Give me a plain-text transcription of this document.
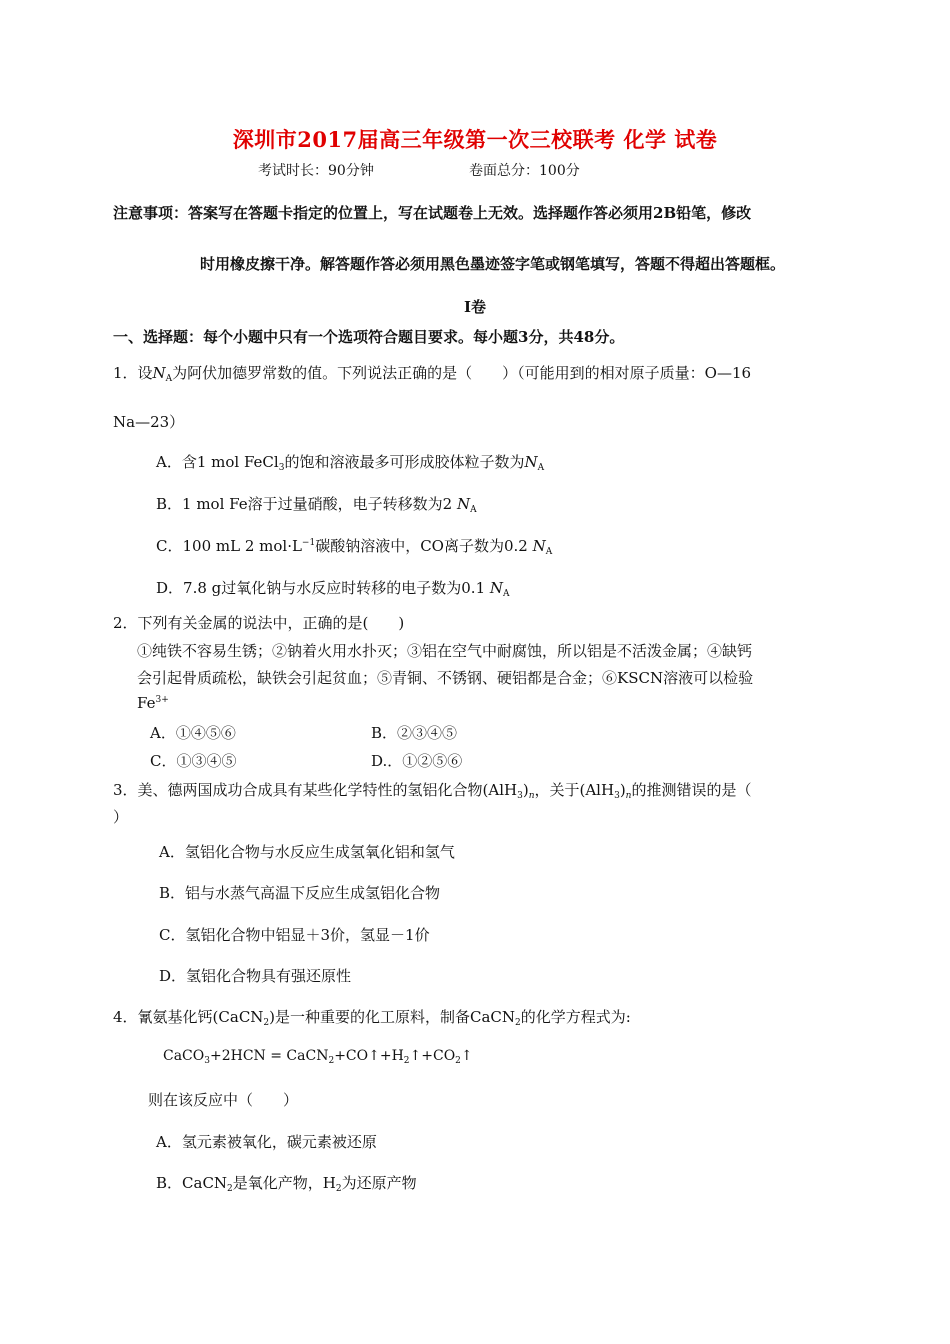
深圳市2017届高三年级第一次三校联考 化学 试卷
考试时长：90分钟	卷面总分：100分
注意事项：答案写在答题卡指定的位置上，写在试题卷上无效。选择题作答必须用2B铅笔，修改
时用橡皮擦干净。解答题作答必须用黑色墨迹签字笔或钢笔填写，答题不得超出答题框。
I卷
一、选择题：每个小题中只有一个选项符合题目要求。每小题3分，共48分。
1．设$N_A$为阿伏加德罗常数的值。下列说法正确的是（　　）（可能用到的相对原子质量：O—16
Na—23）
A．含1 mol FeCl$_3$的饱和溶液最多可形成胶体粒子数为$N_A$
B．1 mol Fe溶于过量硝酸，电子转移数为2 $N_A$
C．100 mL 2 $mol\cdot L^{-1}$碳酸钠溶液中，CO离子数为0.2 $N_A$
D．7.8 g过氧化钠与水反应时转移的电子数为0.1 $N_A$
2．下列有关金属的说法中，正确的是(　　)
①纯铁不容易生锈；②钠着火用水扑灭；③铝在空气中耐腐蚀，所以铝是不活泼金属；④缺钙
会引起骨质疏松，缺铁会引起贫血；⑤青铜、不锈钢、硬铝都是合金；⑥KSCN溶液可以检验
$Fe^{3+}$
A．①④⑤⑥	B．②③④⑤
C．①③④⑤	D.．①②⑤⑥
3．美、德两国成功合成具有某些化学特性的氢铝化合物$(AlH_3)_n$，关于$(AlH_3)_n$的推测错误的是（
）
A．氢铝化合物与水反应生成氢氧化铝和氢气
B．铝与水蒸气高温下反应生成氢铝化合物
C．氢铝化合物中铝显＋3价，氢显－1价
D．氢铝化合物具有强还原性
4．氰氨基化钙(CaCN$_2$)是一种重要的化工原料，制备CaCN$_2$的化学方程式为:
CaCO$_3$+2HCN = $CaCN_2+CO↑+H_2↑+CO_2↑$
则在该反应中（　　）
A．氢元素被氧化，碳元素被还原
B．CaCN$_2$是氧化产物，$H_2$为还原产物
